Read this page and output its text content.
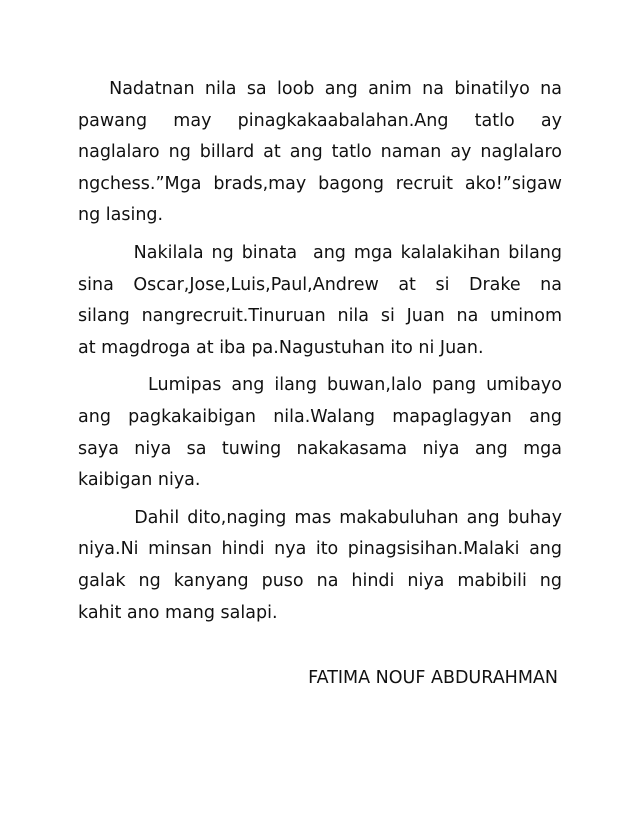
Nadatnan nila sa loob ang anim na binatilyo na
pawang may pinagkakaabalahan.Ang tatlo ay
naglalaro ng billard at ang tatlo naman ay naglalaro
ngchess.”Mga brads,may bagong recruit ako!”sigaw
ng lasing.
Nakilala ng binata  ang mga kalalakihan bilang
sina Oscar,Jose,Luis,Paul,Andrew at si Drake na
silang nangrecruit.Tinuruan nila si Juan na uminom
at magdroga at iba pa.Nagustuhan ito ni Juan.
Lumipas ang ilang buwan,lalo pang umibayo
ang pagkakaibigan nila.Walang mapaglagyan ang
saya niya sa tuwing nakakasama niya ang mga
kaibigan niya.
Dahil dito,naging mas makabuluhan ang buhay
niya.Ni minsan hindi nya ito pinagsisihan.Malaki ang
galak ng kanyang puso na hindi niya mabibili ng
kahit ano mang salapi.
FATIMA NOUF ABDURAHMAN
